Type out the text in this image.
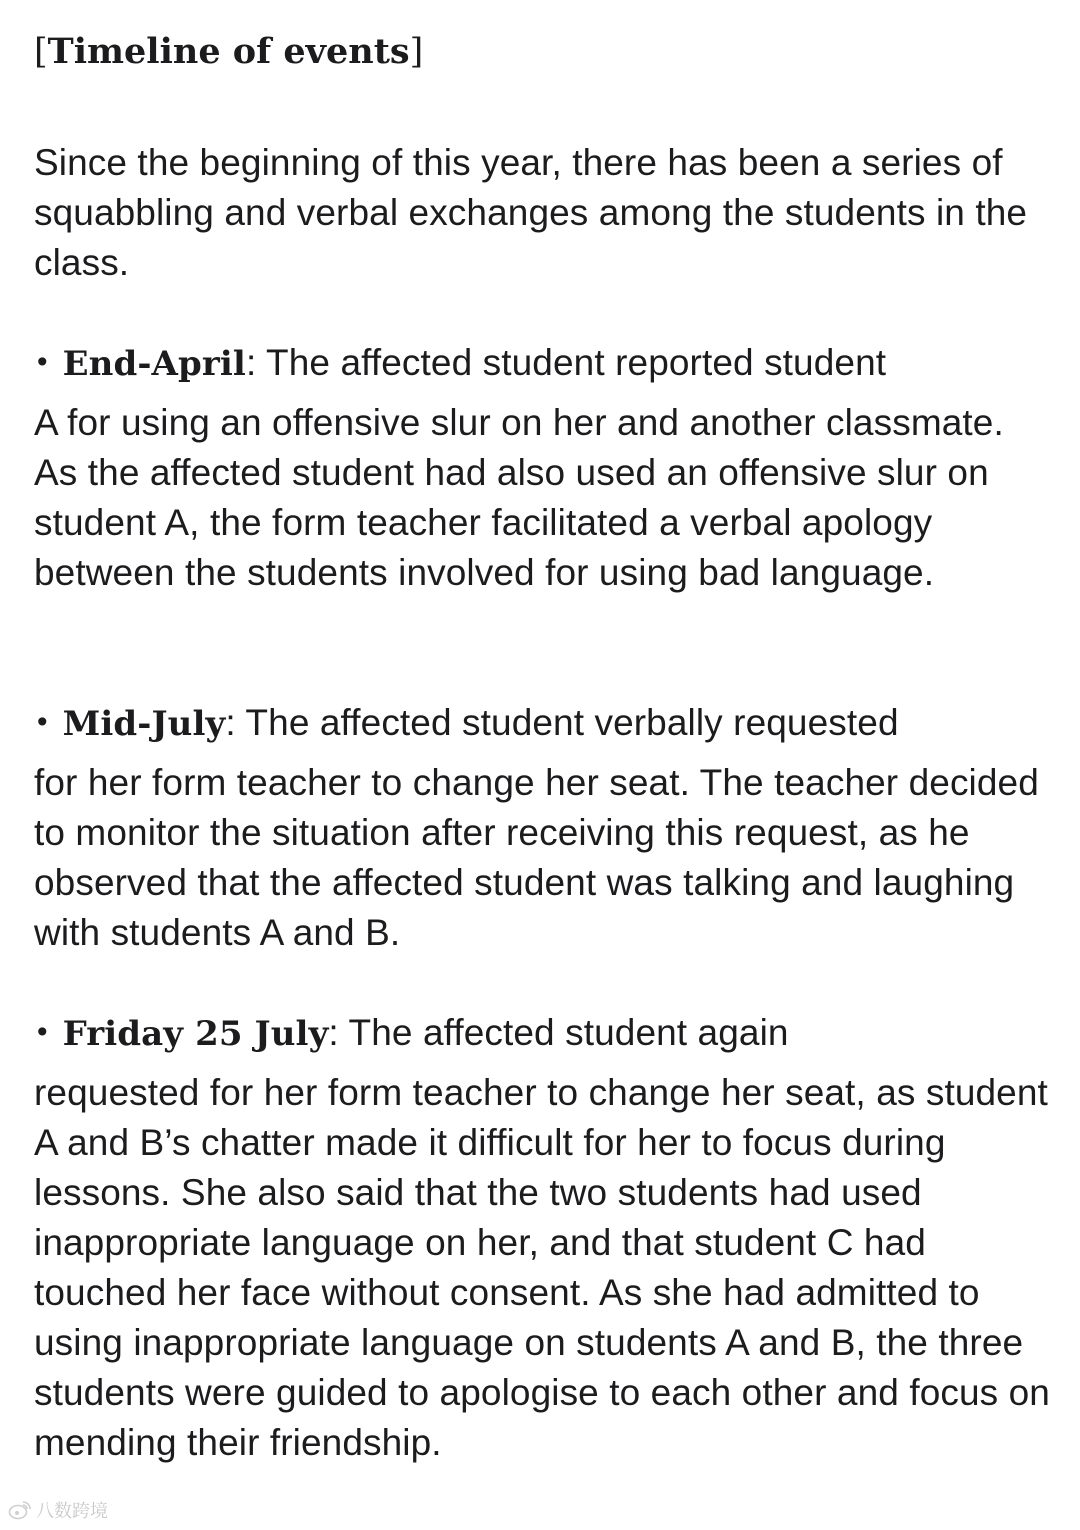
[Timeline of events]
Since the beginning of this year, there has been a series of squabbling and verbal exchanges among the students in the class.
• End-April: The affected student reported student
A for using an offensive slur on her and another classmate. As the affected student had also used an offensive slur on student A, the form teacher facilitated a verbal apology between the students involved for using bad language.
• Mid-July: The affected student verbally requested
for her form teacher to change her seat. The teacher decided to monitor the situation after receiving this request, as he observed that the affected student was talking and laughing with students A and B.
• Friday 25 July: The affected student again
requested for her form teacher to change her seat, as student A and B’s chatter made it difficult for her to focus during lessons. She also said that the two students had used inappropriate language on her, and that student C had touched her face without consent. As she had admitted to using inappropriate language on students A and B, the three students were guided to apologise to each other and focus on mending their friendship.
八数跨境
